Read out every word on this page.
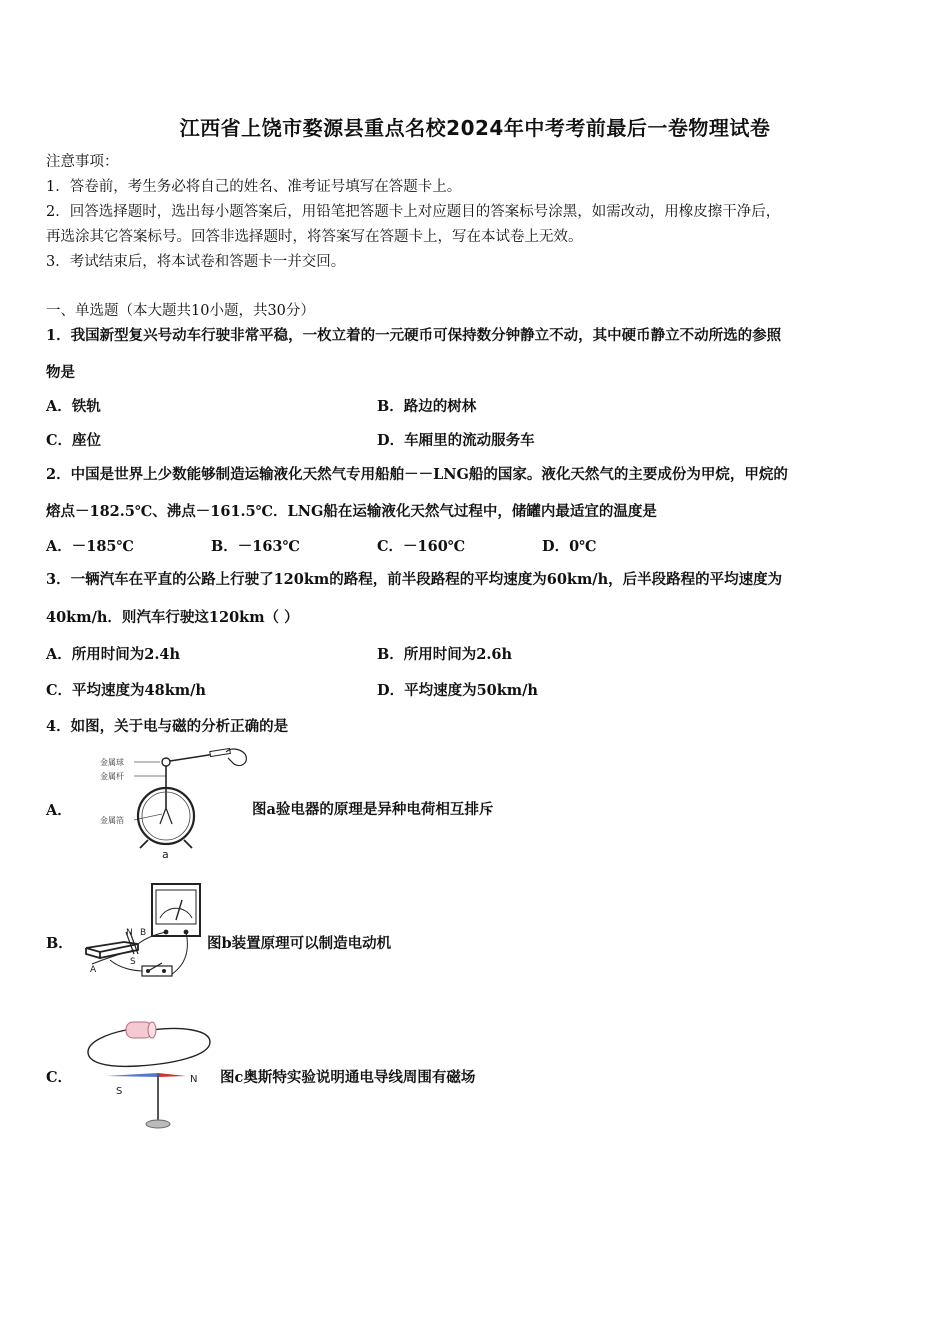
江西省上饶市婺源县重点名校2024年中考考前最后一卷物理试卷
注意事项：
1．答卷前，考生务必将自己的姓名、准考证号填写在答题卡上。
2．回答选择题时，选出每小题答案后，用铅笔把答题卡上对应题目的答案标号涂黑，如需改动，用橡皮擦干净后，
再选涂其它答案标号。回答非选择题时，将答案写在答题卡上，写在本试卷上无效。
3．考试结束后，将本试卷和答题卡一并交回。
一、单选题（本大题共10小题，共30分）
1．我国新型复兴号动车行驶非常平稳，一枚立着的一元硬币可保持数分钟静立不动，其中硬币静立不动所选的参照
物是
A．铁轨	B．路边的树林
C．座位	D．车厢里的流动服务车
2．中国是世界上少数能够制造运输液化天然气专用船舶－－LNG船的国家。液化天然气的主要成份为甲烷，甲烷的
熔点－182.5℃、沸点－161.5℃．LNG船在运输液化天然气过程中，储罐内最适宜的温度是
A．－185℃	B．－163℃	C．－160℃	D．0℃
3．一辆汽车在平直的公路上行驶了120km的路程，前半段路程的平均速度为60km/h，后半段路程的平均速度为
40km/h．则汽车行驶这120km（ ）
A．所用时间为2.4h	B．所用时间为2.6h
C．平均速度为48km/h	D．平均速度为50km/h
4．如图，关于电与磁的分析正确的是
A．
金属球
金属杆
金属箔
a
图a验电器的原理是异种电荷相互排斥
B．
N B
A
S
图b装置原理可以制造电动机
C．
S
N 图c奥斯特实验说明通电导线周围有磁场
